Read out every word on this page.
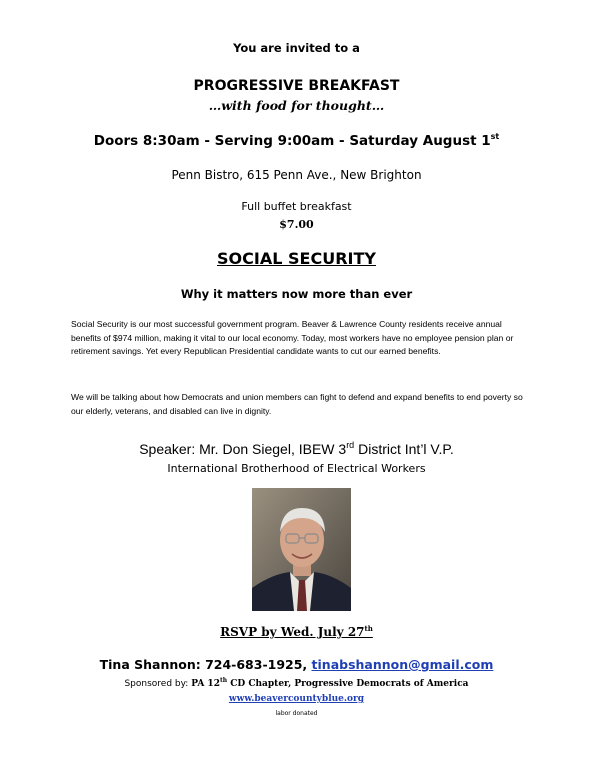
You are invited to a
PROGRESSIVE BREAKFAST
…with food for thought…
Doors 8:30am - Serving 9:00am - Saturday August 1st
Penn Bistro, 615 Penn Ave., New Brighton
Full buffet breakfast
$7.00
SOCIAL SECURITY
Why it matters now more than ever
Social Security is our most successful government program. Beaver & Lawrence County residents receive annual benefits of $974 million, making it vital to our local economy. Today, most workers have no employee pension plan or retirement savings. Yet every Republican Presidential candidate wants to cut our earned benefits.
We will be talking about how Democrats and union members can fight to defend and expand benefits to end poverty so our elderly, veterans, and disabled can live in dignity.
Speaker: Mr. Don Siegel, IBEW 3rd District Int’l V.P.
International Brotherhood of Electrical Workers
RSVP by Wed. July 27th
Tina Shannon: 724-683-1925, tinabshannon@gmail.com
Sponsored by: PA 12th CD Chapter, Progressive Democrats of America
www.beavercountyblue.org
labor donated
